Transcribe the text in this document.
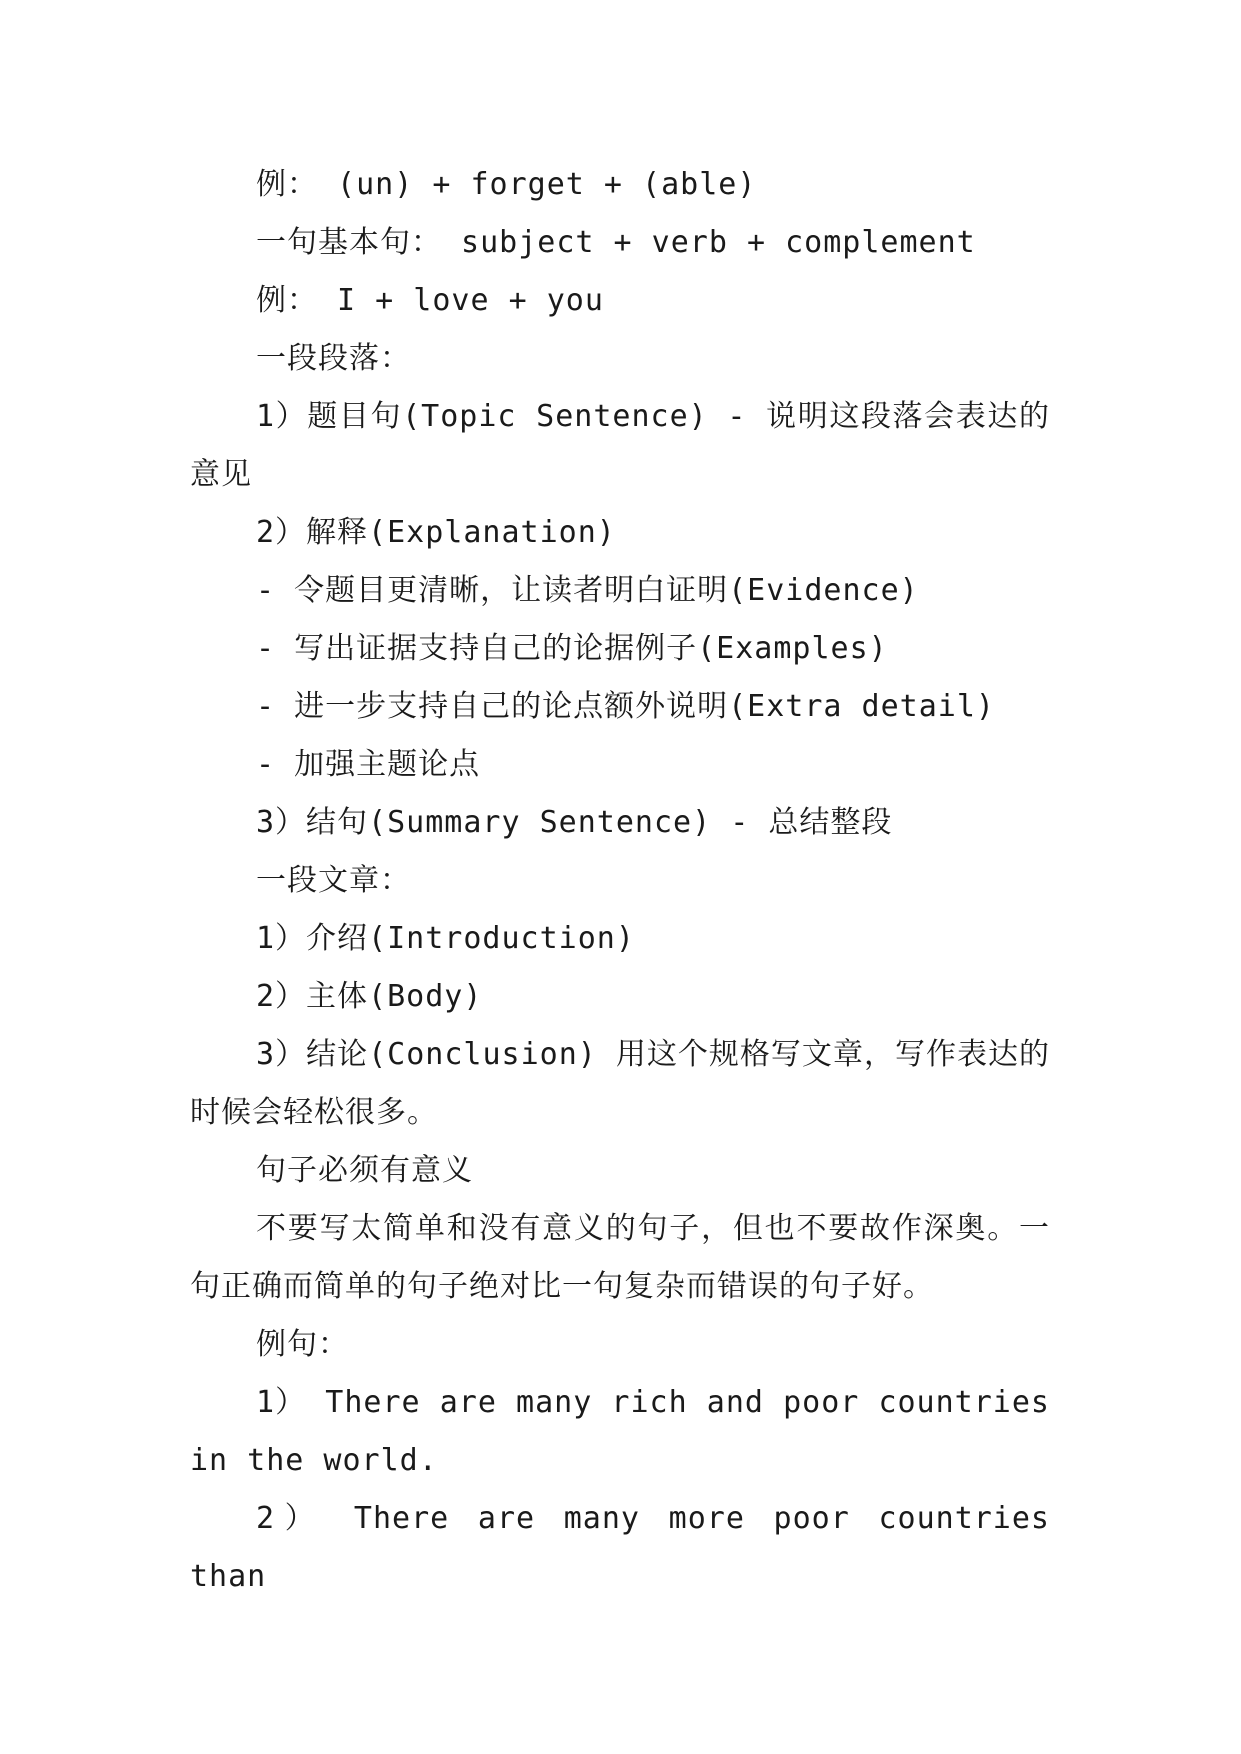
例： (un) + forget + (able)

一句基本句： subject + verb + complement

例： I + love + you

一段段落：

1）题目句(Topic Sentence) - 说明这段落会表达的意见

2）解释(Explanation)

- 令题目更清晰，让读者明白证明(Evidence)

- 写出证据支持自己的论据例子(Examples)

- 进一步支持自己的论点额外说明(Extra detail)

- 加强主题论点

3）结句(Summary Sentence) - 总结整段

一段文章：

1）介绍(Introduction)

2）主体(Body)

3）结论(Conclusion) 用这个规格写文章，写作表达的时候会轻松很多。

句子必须有意义

不要写太简单和没有意义的句子，但也不要故作深奥。一句正确而简单的句子绝对比一句复杂而错误的句子好。

例句：

1） There are many rich and poor countries in the world.

2） There are many more poor countries than
